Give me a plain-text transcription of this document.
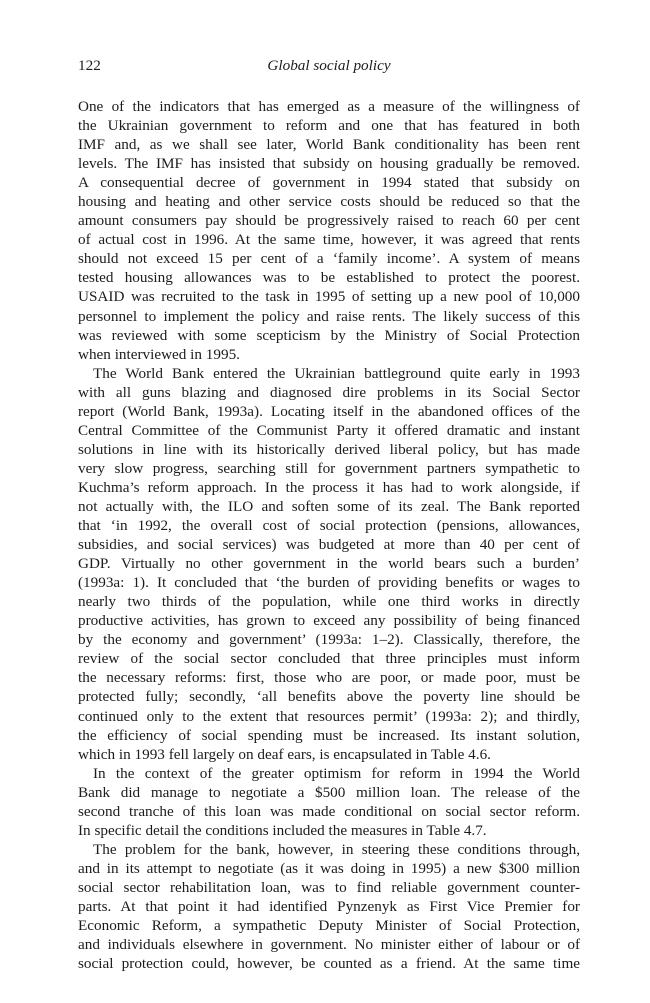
122	Global social policy
One of the indicators that has emerged as a measure of the willingness of
the Ukrainian government to reform and one that has featured in both
IMF and, as we shall see later, World Bank conditionality has been rent
levels. The IMF has insisted that subsidy on housing gradually be removed.
A consequential decree of government in 1994 stated that subsidy on
housing and heating and other service costs should be reduced so that the
amount consumers pay should be progressively raised to reach 60 per cent
of actual cost in 1996. At the same time, however, it was agreed that rents
should not exceed 15 per cent of a ‘family income’. A system of means
tested housing allowances was to be established to protect the poorest.
USAID was recruited to the task in 1995 of setting up a new pool of 10,000
personnel to implement the policy and raise rents. The likely success of this
was reviewed with some scepticism by the Ministry of Social Protection
when interviewed in 1995.
The World Bank entered the Ukrainian battleground quite early in 1993
with all guns blazing and diagnosed dire problems in its Social Sector
report (World Bank, 1993a). Locating itself in the abandoned offices of the
Central Committee of the Communist Party it offered dramatic and instant
solutions in line with its historically derived liberal policy, but has made
very slow progress, searching still for government partners sympathetic to
Kuchma’s reform approach. In the process it has had to work alongside, if
not actually with, the ILO and soften some of its zeal. The Bank reported
that ‘in 1992, the overall cost of social protection (pensions, allowances,
subsidies, and social services) was budgeted at more than 40 per cent of
GDP. Virtually no other government in the world bears such a burden’
(1993a: 1). It concluded that ‘the burden of providing benefits or wages to
nearly two thirds of the population, while one third works in directly
productive activities, has grown to exceed any possibility of being financed
by the economy and government’ (1993a: 1–2). Classically, therefore, the
review of the social sector concluded that three principles must inform
the necessary reforms: first, those who are poor, or made poor, must be
protected fully; secondly, ‘all benefits above the poverty line should be
continued only to the extent that resources permit’ (1993a: 2); and thirdly,
the efficiency of social spending must be increased. Its instant solution,
which in 1993 fell largely on deaf ears, is encapsulated in Table 4.6.
In the context of the greater optimism for reform in 1994 the World
Bank did manage to negotiate a $500 million loan. The release of the
second tranche of this loan was made conditional on social sector reform.
In specific detail the conditions included the measures in Table 4.7.
The problem for the bank, however, in steering these conditions through,
and in its attempt to negotiate (as it was doing in 1995) a new $300 million
social sector rehabilitation loan, was to find reliable government counter-
parts. At that point it had identified Pynzenyk as First Vice Premier for
Economic Reform, a sympathetic Deputy Minister of Social Protection,
and individuals elsewhere in government. No minister either of labour or of
social protection could, however, be counted as a friend. At the same time
